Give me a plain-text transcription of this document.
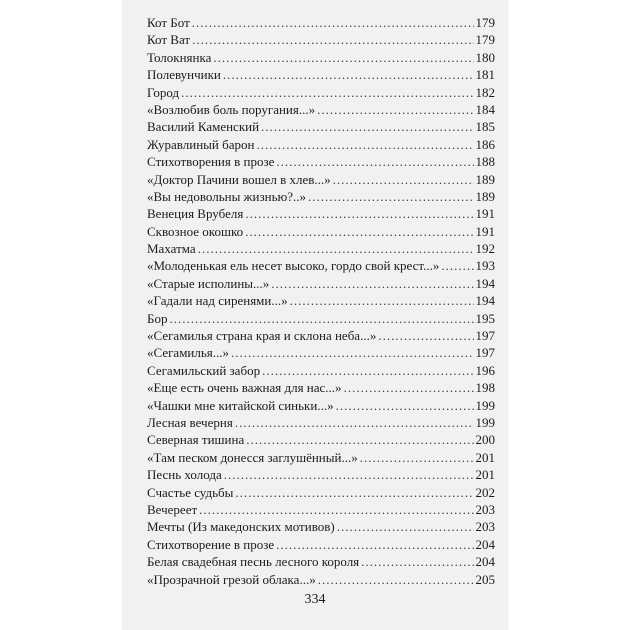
Кот Бот .....	179
Кот Ват .....	179
Толокнянка .....	180
Полевунчики .....	181
Город .....	182
«Возлюбив боль поругания...» .....	184
Василий Каменский .....	185
Журавлиный барон .....	186
Стихотворения в прозе .....	188
«Доктор Пачини вошел в хлев...» .....	189
«Вы недовольны жизнью?..» .....	189
Венеция Врубеля .....	191
Сквозное окошко .....	191
Махатма .....	192
«Молоденькая ель несет высоко, гордо свой крест...» .....	193
«Старые исполины...» .....	194
«Гадали над сиренями...» .....	194
Бор .....	195
«Сегамилья страна края и склона неба...» .....	197
«Сегамилья...» .....	197
Сегамильский забор .....	196
«Еще есть очень важная для нас...» .....	198
«Чашки мне китайской синьки...» .....	199
Лесная вечерня .....	199
Северная тишина .....	200
«Там песком донесся заглушённый...» .....	201
Песнь холода .....	201
Счастье судьбы .....	202
Вечереет .....	203
Мечты (Из македонских мотивов) .....	203
Стихотворение в прозе .....	204
Белая свадебная песнь лесного короля .....	204
«Прозрачной грезой облака...» .....	205
334
